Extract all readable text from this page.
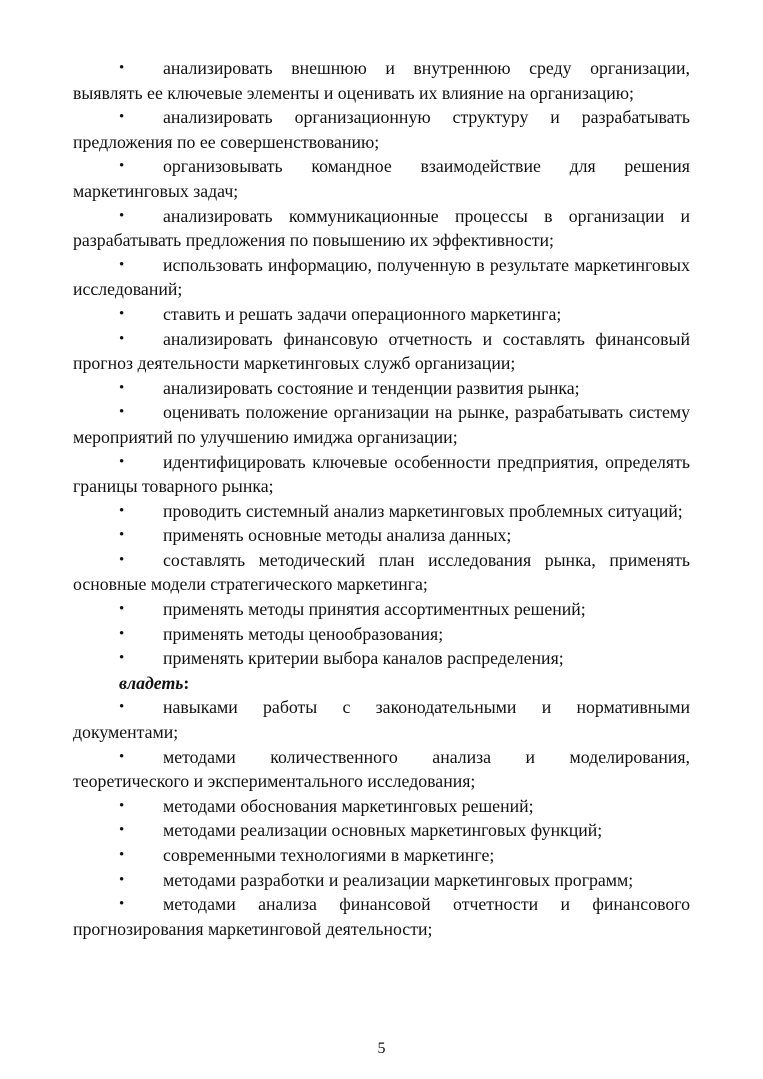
• анализировать внешнюю и внутреннюю среду организации, выявлять ее ключевые элементы и оценивать их влияние на организацию;

• анализировать организационную структуру и разрабатывать предложения по ее совершенствованию;

• организовывать командное взаимодействие для решения маркетинговых задач;

• анализировать коммуникационные процессы в организации и разрабатывать предложения по повышению их эффективности;

• использовать информацию, полученную в результате маркетинговых исследований;

• ставить и решать задачи операционного маркетинга;

• анализировать финансовую отчетность и составлять финансовый прогноз деятельности маркетинговых служб организации;

• анализировать состояние и тенденции развития рынка;

• оценивать положение организации на рынке, разрабатывать систему мероприятий по улучшению имиджа организации;

• идентифицировать ключевые особенности предприятия, определять границы товарного рынка;

• проводить системный анализ маркетинговых проблемных ситуаций;

• применять основные методы анализа данных;

• составлять методический план исследования рынка, применять основные модели стратегического маркетинга;

• применять методы принятия ассортиментных решений;

• применять методы ценообразования;

• применять критерии выбора каналов распределения;

владеть:

• навыками работы с законодательными и нормативными документами;

• методами количественного анализа и моделирования, теоретического и экспериментального исследования;

• методами обоснования маркетинговых решений;

• методами реализации основных маркетинговых функций;

• современными технологиями в маркетинге;

• методами разработки и реализации маркетинговых программ;

• методами анализа финансовой отчетности и финансового прогнозирования маркетинговой деятельности;

5
